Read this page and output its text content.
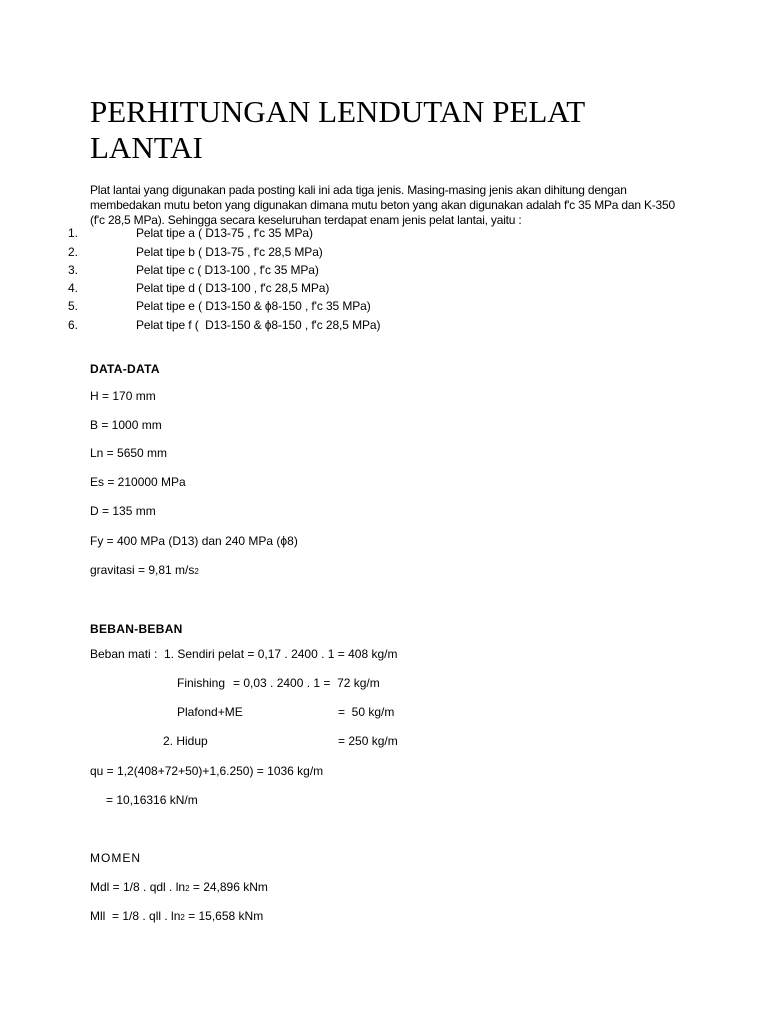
PERHITUNGAN LENDUTAN PELAT
LANTAI
Plat lantai yang digunakan pada posting kali ini ada tiga jenis. Masing-masing jenis akan dihitung dengan
membedakan mutu beton yang digunakan dimana mutu beton yang akan digunakan adalah f'c 35 MPa dan K-350
(f'c 28,5 MPa). Sehingga secara keseluruhan terdapat enam jenis pelat lantai, yaitu :
1.	Pelat tipe a ( D13-75 , f'c 35 MPa)
2.	Pelat tipe b ( D13-75 , f'c 28,5 MPa)
3.	Pelat tipe c ( D13-100 , f'c 35 MPa)
4.	Pelat tipe d ( D13-100 , f'c 28,5 MPa)
5.	Pelat tipe e ( D13-150 & ϕ8-150 , f'c 35 MPa)
6.	Pelat tipe f (  D13-150 & ϕ8-150 , f'c 28,5 MPa)
DATA-DATA
H = 170 mm
B = 1000 mm
Ln = 5650 mm
Es = 210000 MPa
D = 135 mm
Fy = 400 MPa (D13) dan 240 MPa (ϕ8)
gravitasi = 9,81 m/s2
BEBAN-BEBAN
Beban mati : 1. Sendiri pelat = 0,17 . 2400 . 1 = 408 kg/m
Finishing = 0,03 . 2400 . 1 =  72 kg/m
Plafond+ME	=  50 kg/m
2. Hidup	= 250 kg/m
qu = 1,2(408+72+50)+1,6.250) = 1036 kg/m
= 10,16316 kN/m
MOMEN
Mdl = 1/8 . qdl . ln2 = 24,896 kNm
Mll  = 1/8 . qll . ln2 = 15,658 kNm
